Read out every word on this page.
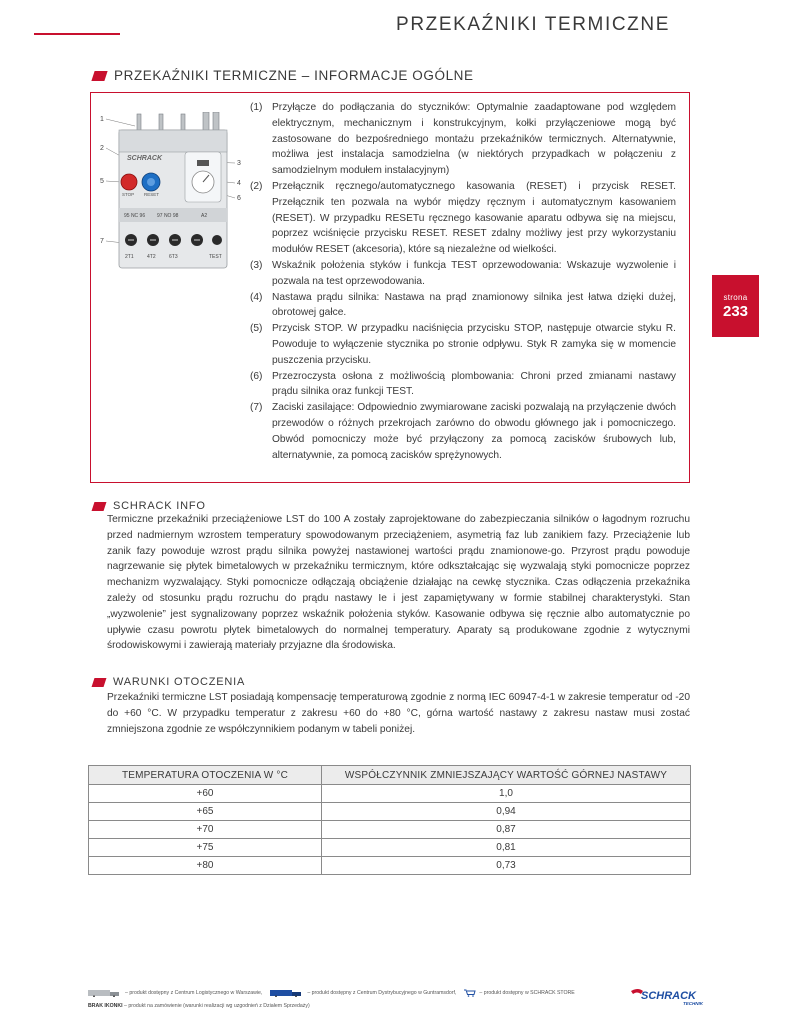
PRZEKAŹNIKI TERMICZNE
PRZEKAŹNIKI TERMICZNE – INFORMACJE OGÓLNE
1
2
3
4
5
6
7
SCHRACK
STOP RESET
95 NC 96 97 NO 98	A2
2T1	4T2	6T3	TEST
(1) Przyłącze do podłączania do styczników: Optymalnie zaadaptowane pod względem elektrycznym, mechanicznym i konstrukcyjnym, kołki przyłączeniowe mogą być zastosowane do bezpośredniego montażu przekaźników termicznych. Alternatywnie, możliwa jest instalacja samodzielna (w niektórych przypadkach w połączeniu z samodzielnym modułem instalacyjnym)
(2) Przełącznik ręcznego/automatycznego kasowania (RESET) i przycisk RESET. Przełącznik ten pozwala na wybór między ręcznym i automatycznym kasowaniem (RESET). W przypadku RESETu ręcznego kasowanie aparatu odbywa się na miejscu, poprzez wciśnięcie przycisku RESET. RESET zdalny możliwy jest przy wykorzystaniu modułów RESET (akcesoria), które są niezależne od wielkości.
(3) Wskaźnik położenia styków i funkcja TEST oprzewodowania: Wskazuje wyzwolenie i pozwala na test oprzewodowania.
(4) Nastawa prądu silnika: Nastawa na prąd znamionowy silnika jest łatwa dzięki dużej, obrotowej gałce.
(5) Przycisk STOP. W przypadku naciśnięcia przycisku STOP, następuje otwarcie styku R. Powoduje to wyłączenie stycznika po stronie odpływu. Styk R zamyka się w momencie puszczenia przycisku.
(6) Przezroczysta osłona z możliwością plombowania: Chroni przed zmianami nastawy prądu silnika oraz funkcji TEST.
(7) Zaciski zasilające: Odpowiednio zwymiarowane zaciski pozwalają na przyłączenie dwóch przewodów o różnych przekrojach zarówno do obwodu głównego jak i pomocniczego. Obwód pomocniczy może być przyłączony za pomocą zacisków śrubowych lub, alternatywnie, za pomocą zacisków sprężynowych.
strona
233
SCHRACK INFO

Termiczne przekaźniki przeciążeniowe LST do 100 A zostały zaprojektowane do zabezpieczania silników o łagodnym rozruchu przed nadmiernym wzrostem temperatury spowodowanym przeciążeniem, asymetrią faz lub zanikiem fazy. Przeciążenie lub zanik fazy powoduje wzrost prądu silnika powyżej nastawionej wartości prądu znamionowe-go. Przyrost prądu powoduje nagrzewanie się płytek bimetalowych w przekaźniku termicznym, które odkształcając się wyzwalają styki pomocnicze poprzez mechanizm wyzwalający. Styki pomocnicze odłączają obciążenie działając na cewkę stycznika. Czas odłączenia przekaźnika zależy od stosunku prądu rozruchu do prądu nastawy Ie i jest zapamiętywany w formie stabilnej charakterystyki. Stan „wyzwolenie” jest sygnalizowany poprzez wskaźnik położenia styków. Kasowanie odbywa się ręcznie albo automatycznie po upływie czasu powrotu płytek bimetalowych do normalnej temperatury. Aparaty są produkowane zgodnie z wytycznymi środowiskowymi i zawierają materiały przyjazne dla środowiska.

WARUNKI OTOCZENIA

Przekaźniki termiczne LST posiadają kompensację temperaturową zgodnie z normą IEC 60947-4-1 w zakresie temperatur od -20 do +60 °C. W przypadku temperatur z zakresu +60 do +80 °C, górna wartość nastawy z zakresu nastaw musi zostać zmniejszona zgodnie ze współczynnikiem podanym w tabeli poniżej.

TEMPERATURA OTOCZENIA W °C	WSPÓŁCZYNNIK ZMNIEJSZAJĄCY WARTOŚĆ GÓRNEJ NASTAWY
+60	1,0
+65	0,94
+70	0,87
+75	0,81
+80	0,73
– produkt dostępny z Centrum Logistycznego w Warszawie,	– produkt dostępny z Centrum Dystrybucyjnego w Guntramsdorf,	– produkt dostępny w SCHRACK STORE
BRAK IKONKI – produkt na zamówienie (warunki realizacji wg uzgodnień z Działem Sprzedaży)
SCHRACK
TECHNIK
